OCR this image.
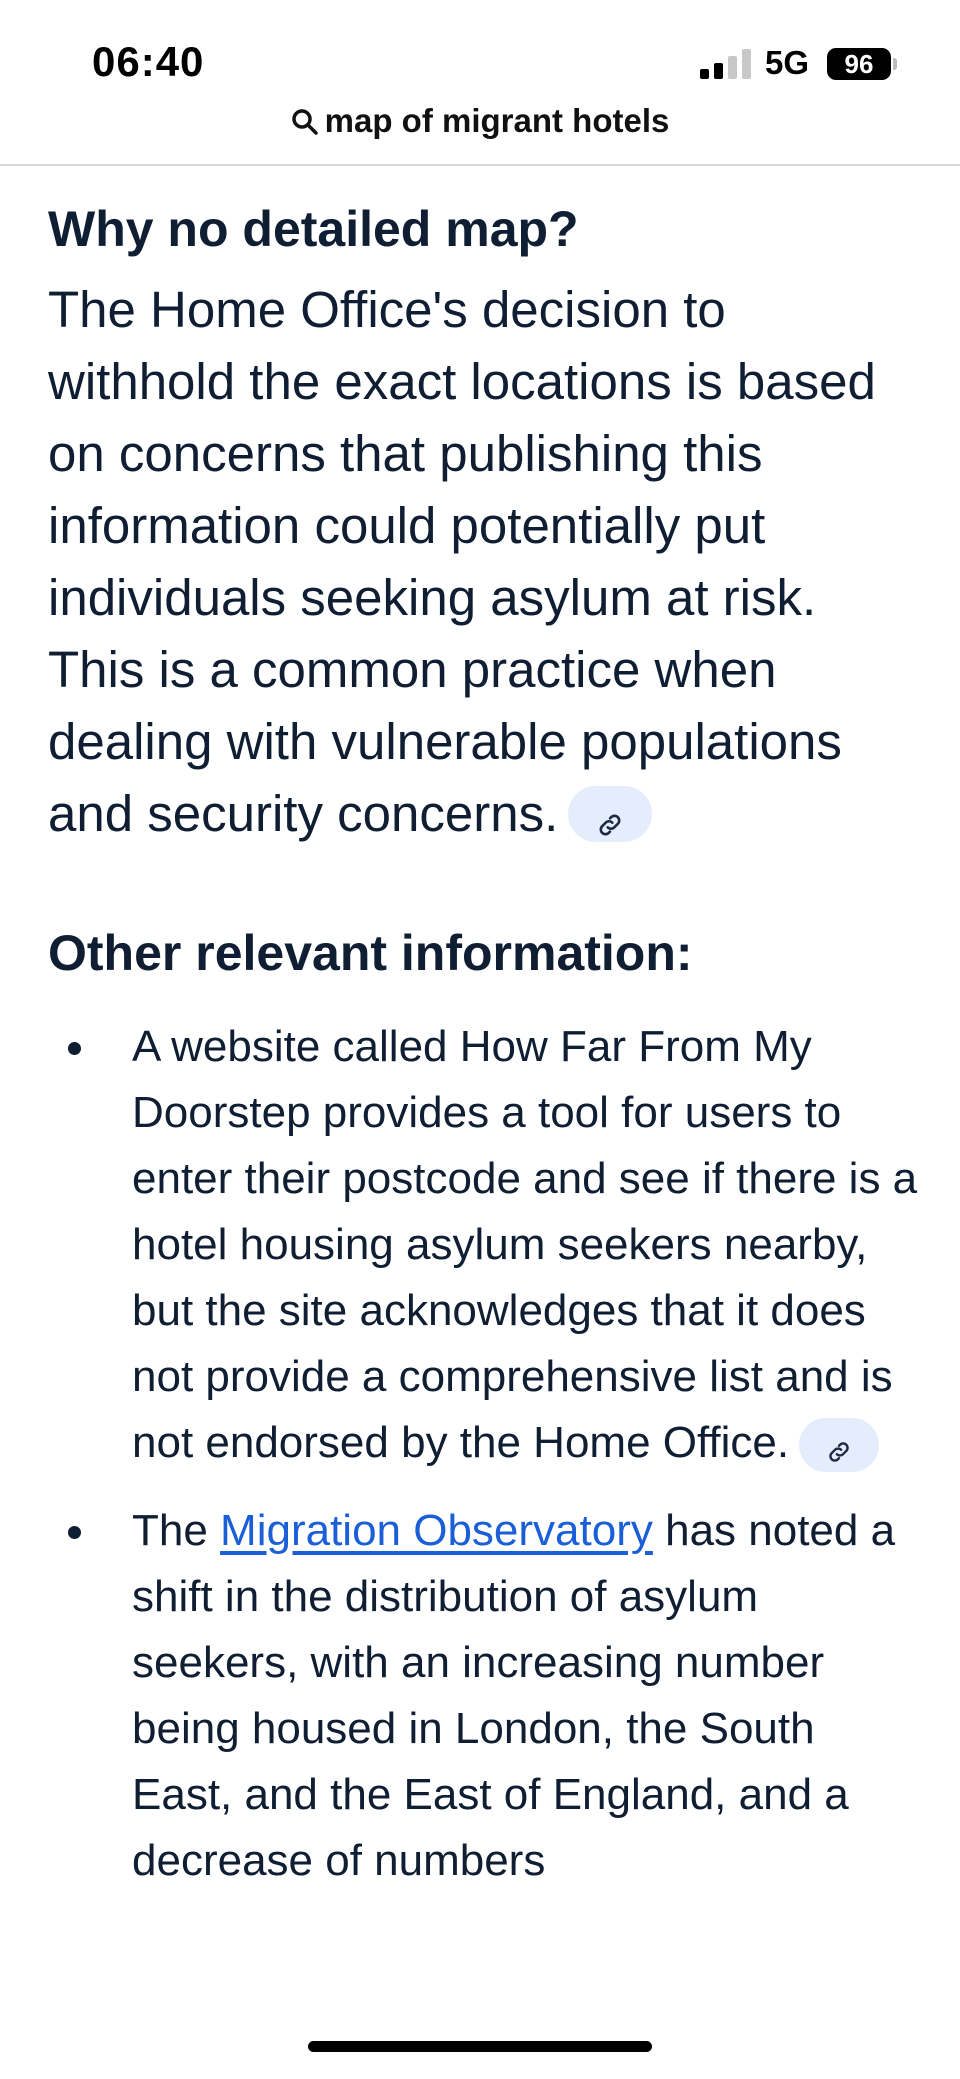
06:40	5G	96
map of migrant hotels
Why no detailed map?

The Home Office's decision to withhold the exact locations is based on concerns that publishing this information could potentially put individuals seeking asylum at risk. This is a common practice when dealing with vulnerable populations and security concerns.

Other relevant information:
A website called How Far From My Doorstep provides a tool for users to enter their postcode and see if there is a hotel housing asylum seekers nearby, but the site acknowledges that it does not provide a comprehensive list and is not endorsed by the Home Office.
The Migration Observatory has noted a shift in the distribution of asylum seekers, with an increasing number being housed in London, the South East, and the East of England, and a decrease of numbers
